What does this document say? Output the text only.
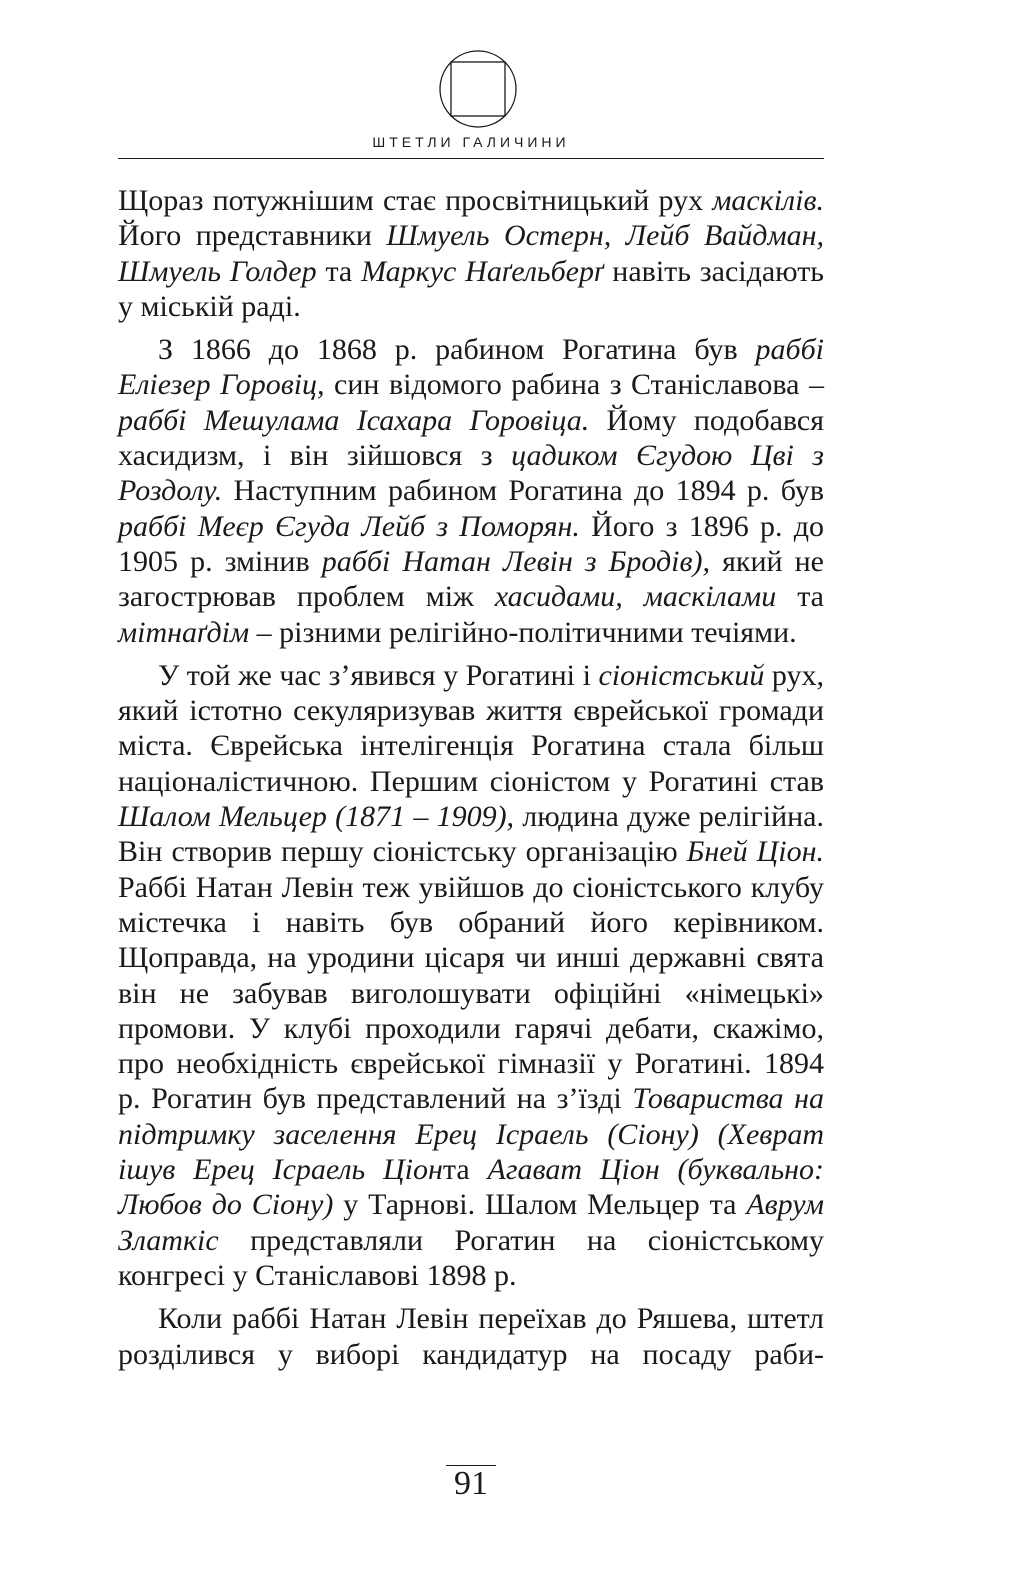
ШТЕТЛИ ГАЛИЧИНИ

Щораз потужнішим стає просвітницький рух маскілів. Його представники Шмуель Остерн, Лейб Вайдман, Шмуель Голдер та Маркус Наґельберґ навіть засідають у міській раді.

З 1866 до 1868 р. рабином Рогатина був раббі Еліезер Горовіц, син відомого рабина з Станіславова – раббі Мешулама Ісахара Горовіца. Йому подобався хасидизм, і він зійшовся з цадиком Єгудою Цві з Роздолу. Наступним рабином Рогатина до 1894 р. був раббі Меєр Єгуда Лейб з Поморян. Його з 1896 р. до 1905 р. змінив раббі Натан Левін з Бродів), який не загострював проблем між хасидами, маскілами та мітнаґдім – різними релігійно-політичними течіями.

У той же час з’явився у Рогатині і сіоністський рух, який істотно секуляризував життя єврейської громади міста. Єврейська інтелігенція Рогатина стала більш націоналістичною. Першим сіоністом у Рогатині став Шалом Мельцер (1871 – 1909), людина дуже релігійна. Він створив першу сіоністську організацію Бней Ціон. Раббі Натан Левін теж увійшов до сіоністського клубу містечка і навіть був обраний його керівником. Щоправда, на уродини цісаря чи инші державні свята він не забував виголошувати офіційні «німецькі» промови. У клубі проходили гарячі дебати, скажімо, про необхідність єврейської гімназії у Рогатині. 1894 р. Рогатин був представлений на з’їзді Товариства на підтримку заселення Ерец Ісраель (Сіону) (Хеврат ішув Ерец Ісраель Ціонта Агават Ціон (буквально: Любов до Сіону) у Тарнові. Шалом Мельцер та Аврум Златкіс представляли Рогатин на сіоністському конгресі у Станіславові 1898 р.

Коли раббі Натан Левін переїхав до Ряшева, штетл розділився у виборі кандидатур на посаду раби-

91
